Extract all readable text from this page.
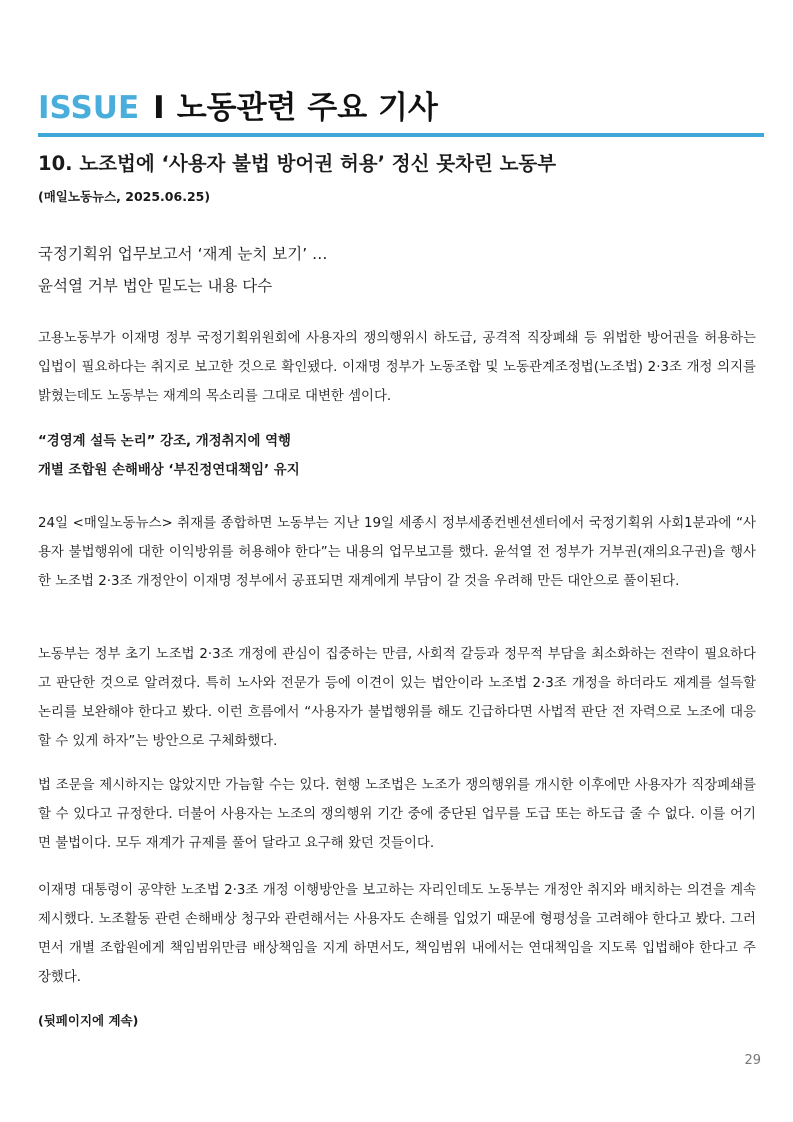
ISSUE I 노동관련 주요 기사
10. 노조법에 ‘사용자 불법 방어권 허용’ 정신 못차린 노동부
(매일노동뉴스, 2025.06.25)
국정기획위 업무보고서 ‘재계 눈치 보기’ …
윤석열 거부 법안 밑도는 내용 다수
고용노동부가 이재명 정부 국정기획위원회에 사용자의 쟁의행위시 하도급, 공격적 직장폐쇄 등 위법한 방어권을 허용하는 입법이 필요하다는 취지로 보고한 것으로 확인됐다. 이재명 정부가 노동조합 및 노동관계조정법(노조법) 2·3조 개정 의지를 밝혔는데도 노동부는 재계의 목소리를 그대로 대변한 셈이다.
“경영계 설득 논리” 강조, 개정취지에 역행
개별 조합원 손해배상 ‘부진정연대책임’ 유지
24일 <매일노동뉴스> 취재를 종합하면 노동부는 지난 19일 세종시 정부세종컨벤션센터에서 국정기획위 사회1분과에 “사용자 불법행위에 대한 이익방위를 허용해야 한다”는 내용의 업무보고를 했다. 윤석열 전 정부가 거부권(재의요구권)을 행사한 노조법 2·3조 개정안이 이재명 정부에서 공표되면 재계에게 부담이 갈 것을 우려해 만든 대안으로 풀이된다.
노동부는 정부 초기 노조법 2·3조 개정에 관심이 집중하는 만큼, 사회적 갈등과 정무적 부담을 최소화하는 전략이 필요하다고 판단한 것으로 알려졌다. 특히 노사와 전문가 등에 이견이 있는 법안이라 노조법 2·3조 개정을 하더라도 재계를 설득할 논리를 보완해야 한다고 봤다. 이런 흐름에서 “사용자가 불법행위를 해도 긴급하다면 사법적 판단 전 자력으로 노조에 대응할 수 있게 하자”는 방안으로 구체화했다.
법 조문을 제시하지는 않았지만 가늠할 수는 있다. 현행 노조법은 노조가 쟁의행위를 개시한 이후에만 사용자가 직장폐쇄를 할 수 있다고 규정한다. 더불어 사용자는 노조의 쟁의행위 기간 중에 중단된 업무를 도급 또는 하도급 줄 수 없다. 이를 어기면 불법이다. 모두 재계가 규제를 풀어 달라고 요구해 왔던 것들이다.
이재명 대통령이 공약한 노조법 2·3조 개정 이행방안을 보고하는 자리인데도 노동부는 개정안 취지와 배치하는 의견을 계속 제시했다. 노조활동 관련 손해배상 청구와 관련해서는 사용자도 손해를 입었기 때문에 형평성을 고려해야 한다고 봤다. 그러면서 개별 조합원에게 책임범위만큼 배상책임을 지게 하면서도, 책임범위 내에서는 연대책임을 지도록 입법해야 한다고 주장했다.
(뒷페이지에 계속)
29
